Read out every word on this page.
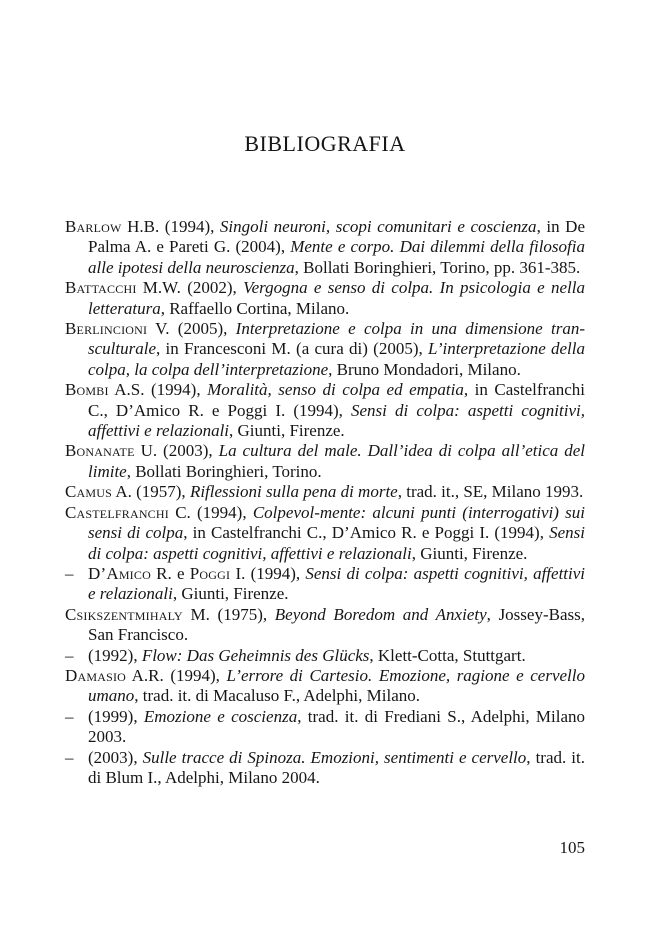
BIBLIOGRAFIA

Barlow H.B. (1994), Singoli neuroni, scopi comunitari e coscienza, in De Palma A. e Pareti G. (2004), Mente e corpo. Dai dilemmi della filosofia alle ipotesi della neuroscienza, Bollati Boringhieri, Torino, pp. 361-385.

Battacchi M.W. (2002), Vergogna e senso di colpa. In psicologia e nella letteratura, Raffaello Cortina, Milano.

Berlincioni V. (2005), Interpretazione e colpa in una dimensione transculturale, in Francesconi M. (a cura di) (2005), L’interpretazione della colpa, la colpa dell’interpretazione, Bruno Mondadori, Milano.

Bombi A.S. (1994), Moralità, senso di colpa ed empatia, in Castelfranchi C., D’Amico R. e Poggi I. (1994), Sensi di colpa: aspetti cognitivi, affettivi e relazionali, Giunti, Firenze.

Bonanate U. (2003), La cultura del male. Dall’idea di colpa all’etica del limite, Bollati Boringhieri, Torino.

Camus A. (1957), Riflessioni sulla pena di morte, trad. it., SE, Milano 1993.

Castelfranchi C. (1994), Colpevol-mente: alcuni punti (interrogativi) sui sensi di colpa, in Castelfranchi C., D’Amico R. e Poggi I. (1994), Sensi di colpa: aspetti cognitivi, affettivi e relazionali, Giunti, Firenze.

– D’Amico R. e Poggi I. (1994), Sensi di colpa: aspetti cognitivi, affettivi e relazionali, Giunti, Firenze.

Csikszentmihaly M. (1975), Beyond Boredom and Anxiety, Jossey-Bass, San Francisco.

– (1992), Flow: Das Geheimnis des Glücks, Klett-Cotta, Stuttgart.

Damasio A.R. (1994), L’errore di Cartesio. Emozione, ragione e cervello umano, trad. it. di Macaluso F., Adelphi, Milano.

– (1999), Emozione e coscienza, trad. it. di Frediani S., Adelphi, Milano 2003.

– (2003), Sulle tracce di Spinoza. Emozioni, sentimenti e cervello, trad. it. di Blum I., Adelphi, Milano 2004.

105
